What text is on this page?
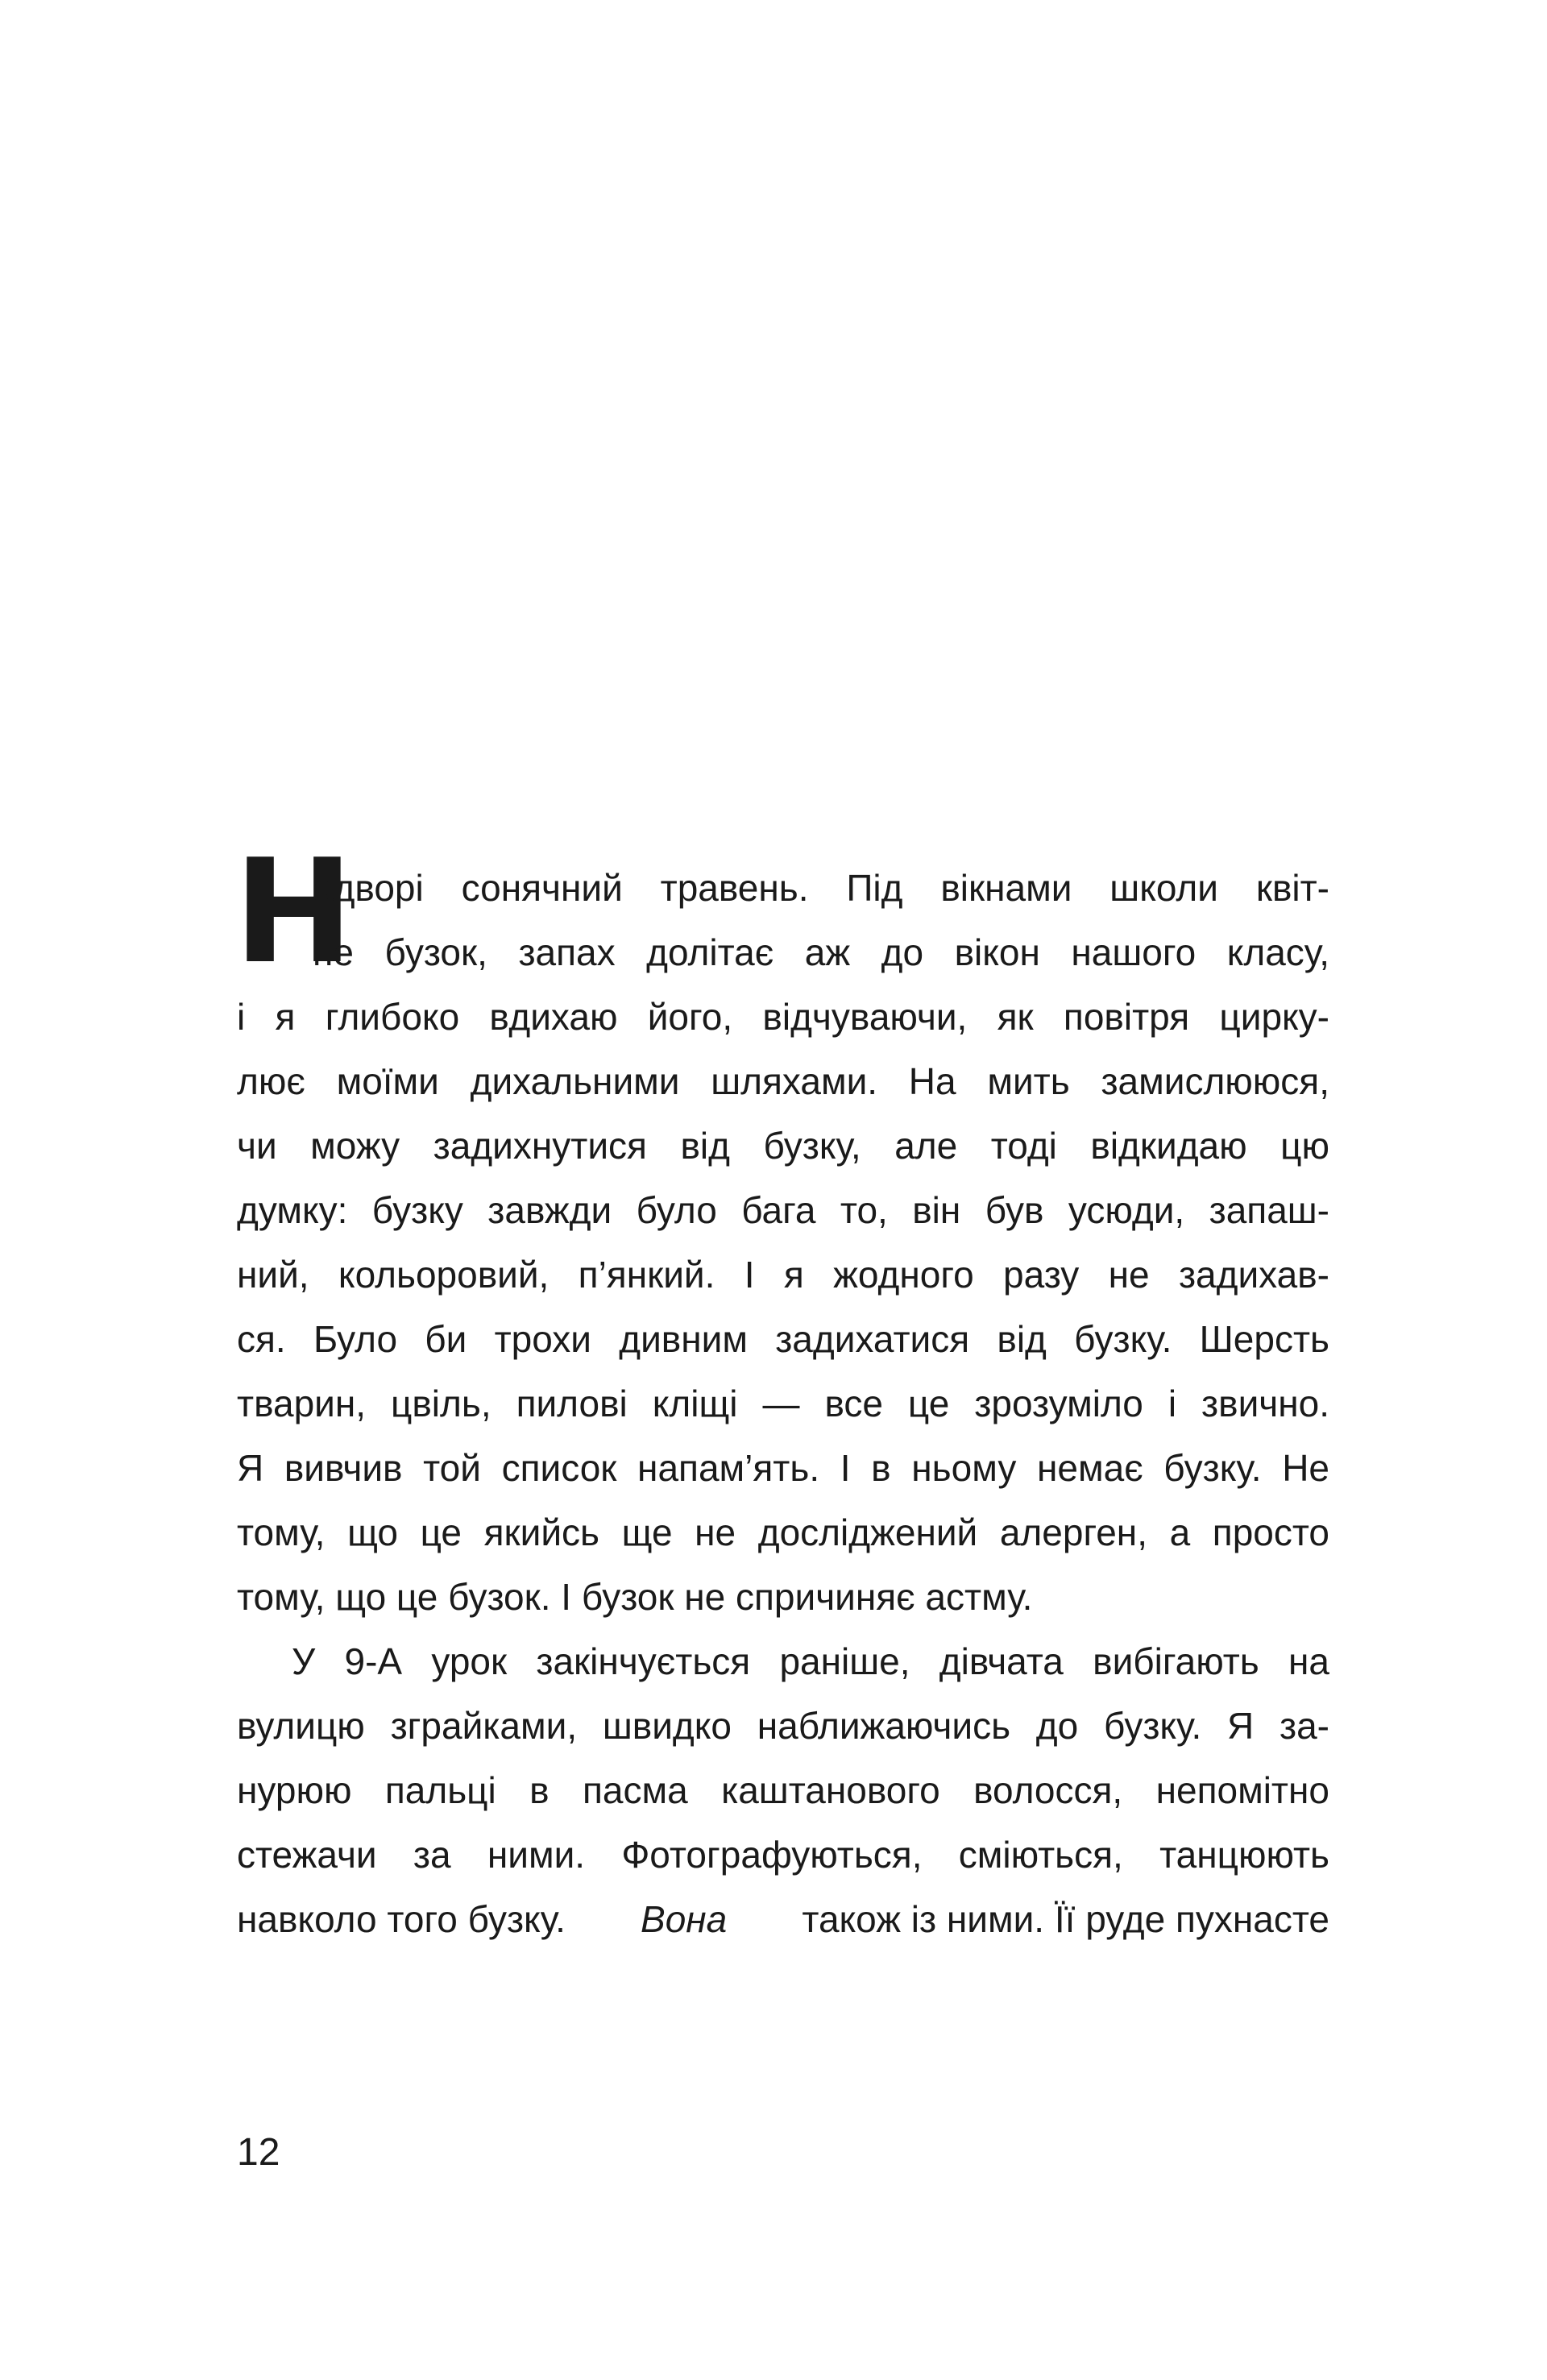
Н
адворі сонячний травень. Під вікнами школи квіт-
не бузок, запах долітає аж до вікон нашого класу,
і я глибоко вдихаю його, відчуваючи, як повітря цирку-
лює моїми дихальними шляхами. На мить замислююся,
чи можу задихнутися від бузку, але тоді відкидаю цю
думку: бузку завжди було бага то, він був усюди, запаш-
ний, кольоровий, п’янкий. І я жодного разу не задихав-
ся. Було би трохи дивним задихатися від бузку. Шерсть
тварин, цвіль, пилові кліщі — все це зрозуміло і звично.
Я вивчив той список напам’ять. І в ньому немає бузку. Не
тому, що це якийсь ще не досліджений алерген, а просто
тому, що це бузок. І бузок не спричиняє астму.
У 9-А урок закінчується раніше, дівчата вибігають на
вулицю зграйками, швидко наближаючись до бузку. Я за-
нурюю пальці в пасма каштанового волосся, непомітно
стежачи за ними. Фотографуються, сміються, танцюють
навколо того бузку. Вона також із ними. Її руде пухнасте
12
